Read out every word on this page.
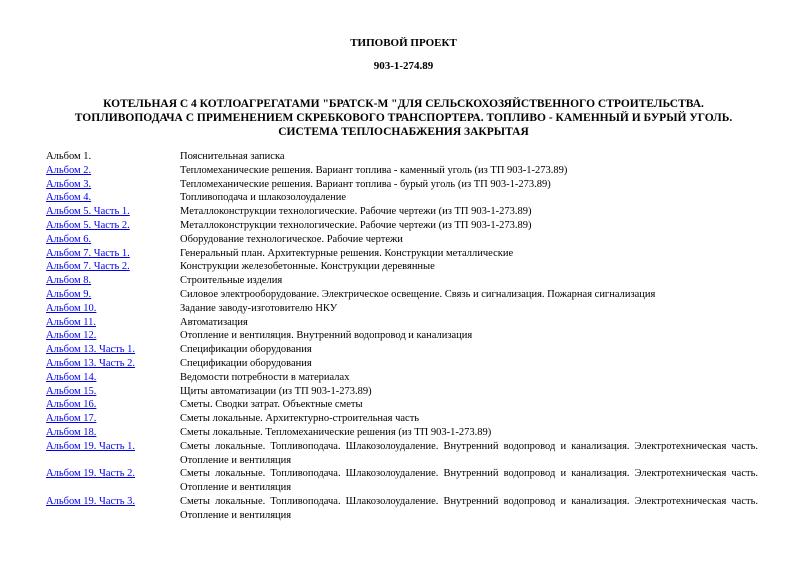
ТИПОВОЙ ПРОЕКТ
903-1-274.89
КОТЕЛЬНАЯ С 4 КОТЛОАГРЕГАТАМИ "БРАТСК-М "ДЛЯ СЕЛЬСКОХОЗЯЙСТВЕННОГО СТРОИТЕЛЬСТВА.
ТОПЛИВОПОДАЧА С ПРИМЕНЕНИЕМ СКРЕБКОВОГО ТРАНСПОРТЕРА. ТОПЛИВО - КАМЕННЫЙ И БУРЫЙ УГОЛЬ.
СИСТЕМА ТЕПЛОСНАБЖЕНИЯ ЗАКРЫТАЯ
Альбом 1.	Пояснительная записка
Альбом 2.	Тепломеханические решения. Вариант топлива - каменный уголь (из ТП 903-1-273.89)
Альбом 3.	Тепломеханические решения. Вариант топлива - бурый уголь (из ТП 903-1-273.89)
Альбом 4.	Топливоподача и шлакозолоудаление
Альбом 5. Часть 1.	Металлоконструкции технологические. Рабочие чертежи (из ТП 903-1-273.89)
Альбом 5. Часть 2.	Металлоконструкции технологические. Рабочие чертежи (из ТП 903-1-273.89)
Альбом 6.	Оборудование технологическое. Рабочие чертежи
Альбом 7. Часть 1.	Генеральный план. Архитектурные решения. Конструкции металлические
Альбом 7. Часть 2.	Конструкции железобетонные. Конструкции деревянные
Альбом 8.	Строительные изделия
Альбом 9.	Силовое электрооборудование. Электрическое освещение. Связь и сигнализация. Пожарная сигнализация
Альбом 10.	Задание заводу-изготовителю НКУ
Альбом 11.	Автоматизация
Альбом 12.	Отопление и вентиляция. Внутренний водопровод и канализация
Альбом 13. Часть 1.	Спецификации оборудования
Альбом 13. Часть 2.	Спецификации оборудования
Альбом 14.	Ведомости потребности в материалах
Альбом 15.	Щиты автоматизации (из ТП 903-1-273.89)
Альбом 16.	Сметы. Сводки затрат. Объектные сметы
Альбом 17.	Сметы локальные. Архитектурно-строительная часть
Альбом 18.	Сметы локальные. Тепломеханические решения (из ТП 903-1-273.89)
Альбом 19. Часть 1.	Сметы локальные. Топливоподача. Шлакозолоудаление. Внутренний водопровод и канализация. Электротехническая часть. Отопление и вентиляция
Альбом 19. Часть 2.	Сметы локальные. Топливоподача. Шлакозолоудаление. Внутренний водопровод и канализация. Электротехническая часть. Отопление и вентиляция
Альбом 19. Часть 3.	Сметы локальные. Топливоподача. Шлакозолоудаление. Внутренний водопровод и канализация. Электротехническая часть. Отопление и вентиляция
